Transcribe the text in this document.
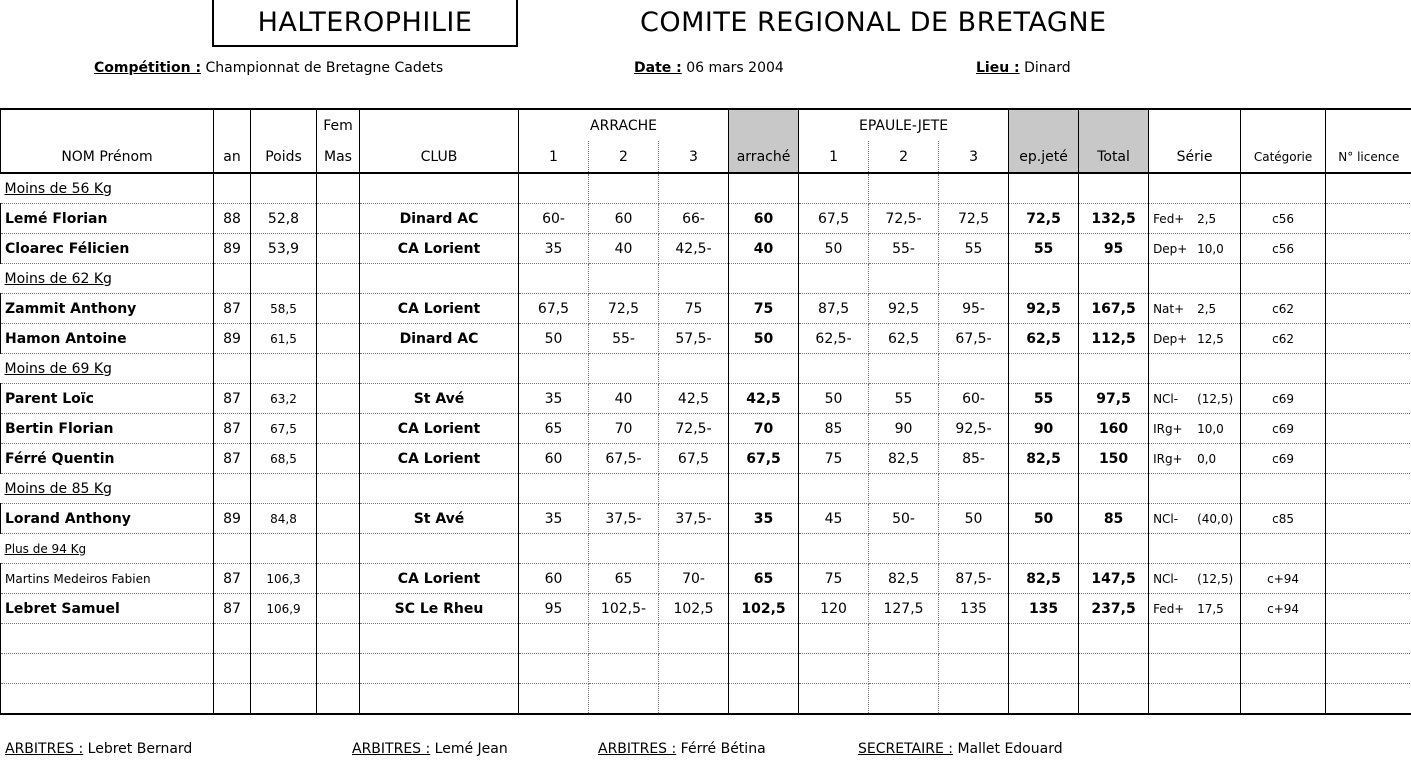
HALTEROPHILIE	COMITE REGIONAL DE BRETAGNE
Compétition : Championnat de Bretagne Cadets	Date : 06 mars 2004	Lieu : Dinard
			Fem		ARRACHE				EPAULE-JETE							
NOM Prénom	an	Poids	Mas	CLUB	1	2	3	arraché	1	2	3	ep.jeté	Total	Série	Catégorie	N° licence
Moins de 56 Kg																
Lemé Florian	88	52,8		Dinard AC	60-	60	66-	60	67,5	72,5-	72,5	72,5	132,5	Fed+ 2,5	c56	
Cloarec Félicien	89	53,9		CA Lorient	35	40	42,5-	40	50	55-	55	55	95	Dep+ 10,0	c56	
Moins de 62 Kg																
Zammit Anthony	87	58,5		CA Lorient	67,5	72,5	75	75	87,5	92,5	95-	92,5	167,5	Nat+ 2,5	c62	
Hamon Antoine	89	61,5		Dinard AC	50	55-	57,5-	50	62,5-	62,5	67,5-	62,5	112,5	Dep+ 12,5	c62	
Moins de 69 Kg																
Parent Loïc	87	63,2		St Avé	35	40	42,5	42,5	50	55	60-	55	97,5	NCl- (12,5)	c69	
Bertin Florian	87	67,5		CA Lorient	65	70	72,5-	70	85	90	92,5-	90	160	IRg+ 10,0	c69	
Férré Quentin	87	68,5		CA Lorient	60	67,5-	67,5	67,5	75	82,5	85-	82,5	150	IRg+ 0,0	c69	
Moins de 85 Kg																
Lorand Anthony	89	84,8		St Avé	35	37,5-	37,5-	35	45	50-	50	50	85	NCl- (40,0)	c85	
Plus de 94 Kg																
Martins Medeiros Fabien	87	106,3		CA Lorient	60	65	70-	65	75	82,5	87,5-	82,5	147,5	NCl- (12,5)	c+94	
Lebret Samuel	87	106,9		SC Le Rheu	95	102,5-	102,5	102,5	120	127,5	135	135	237,5	Fed+ 17,5	c+94	

ARBITRES : Lebret Bernard	ARBITRES : Lemé Jean	ARBITRES : Férré Bétina	SECRETAIRE : Mallet Edouard
